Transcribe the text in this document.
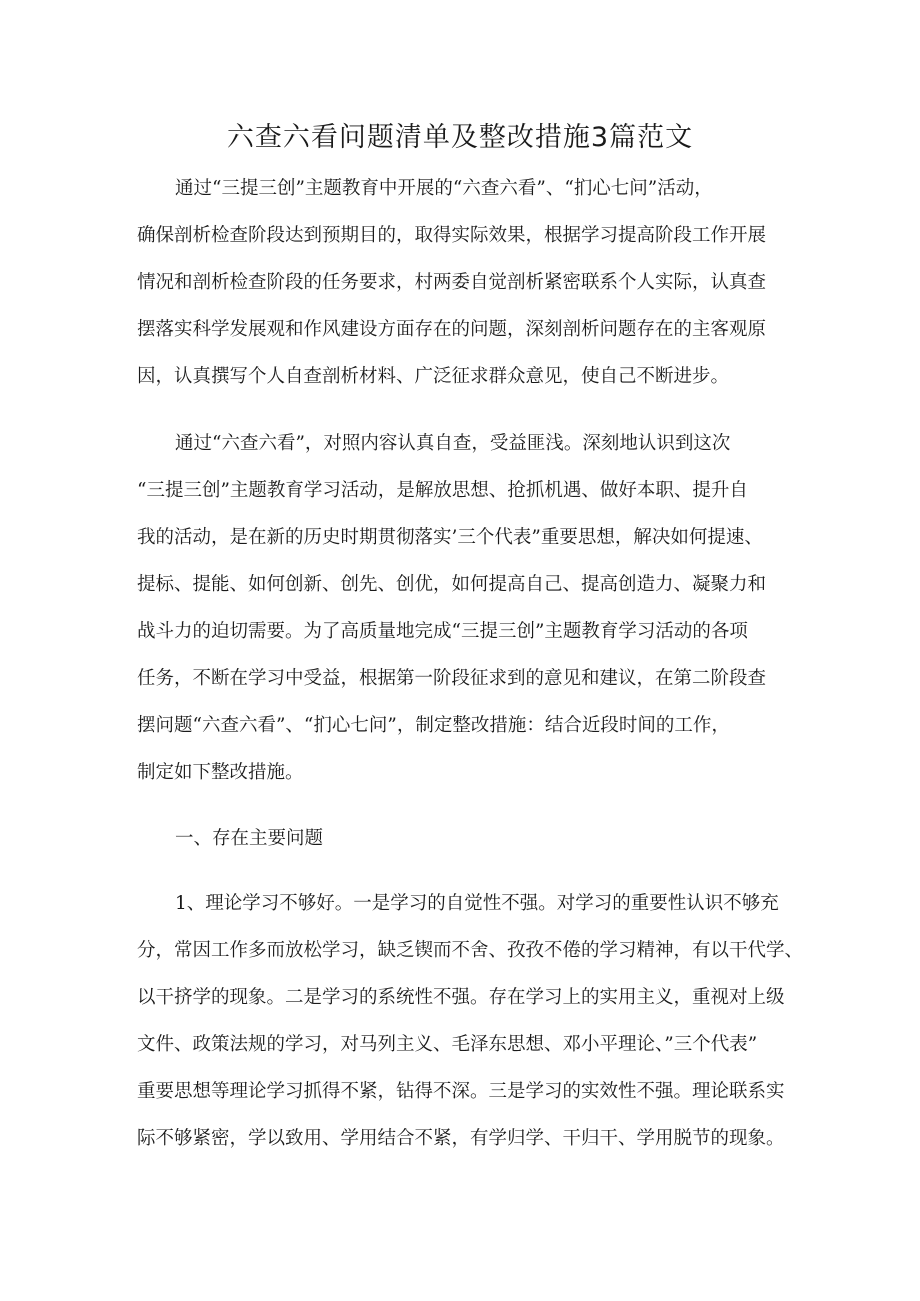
六查六看问题清单及整改措施3篇范文
通过“三提三创”主题教育中开展的“六查六看”、“扪心七问”活动，
确保剖析检查阶段达到预期目的，取得实际效果，根据学习提高阶段工作开展
情况和剖析检查阶段的任务要求，村两委自觉剖析紧密联系个人实际，认真查
摆落实科学发展观和作风建设方面存在的问题，深刻剖析问题存在的主客观原
因，认真撰写个人自查剖析材料、广泛征求群众意见，使自己不断进步。
通过“六查六看”，对照内容认真自查，受益匪浅。深刻地认识到这次
“三提三创”主题教育学习活动，是解放思想、抢抓机遇、做好本职、提升自
我的活动，是在新的历史时期贯彻落实’三个代表”重要思想，解决如何提速、
提标、提能、如何创新、创先、创优，如何提高自己、提高创造力、凝聚力和
战斗力的迫切需要。为了高质量地完成“三提三创”主题教育学习活动的各项
任务，不断在学习中受益，根据第一阶段征求到的意见和建议，在第二阶段查
摆问题“六查六看”、“扪心七问”，制定整改措施：结合近段时间的工作，
制定如下整改措施。
一、存在主要问题
1、理论学习不够好。一是学习的自觉性不强。对学习的重要性认识不够充
分，常因工作多而放松学习，缺乏锲而不舍、孜孜不倦的学习精神，有以干代学、
以干挤学的现象。二是学习的系统性不强。存在学习上的实用主义，重视对上级
文件、政策法规的学习，对马列主义、毛泽东思想、邓小平理论、”三个代表”
重要思想等理论学习抓得不紧，钻得不深。三是学习的实效性不强。理论联系实
际不够紧密，学以致用、学用结合不紧，有学归学、干归干、学用脱节的现象。
